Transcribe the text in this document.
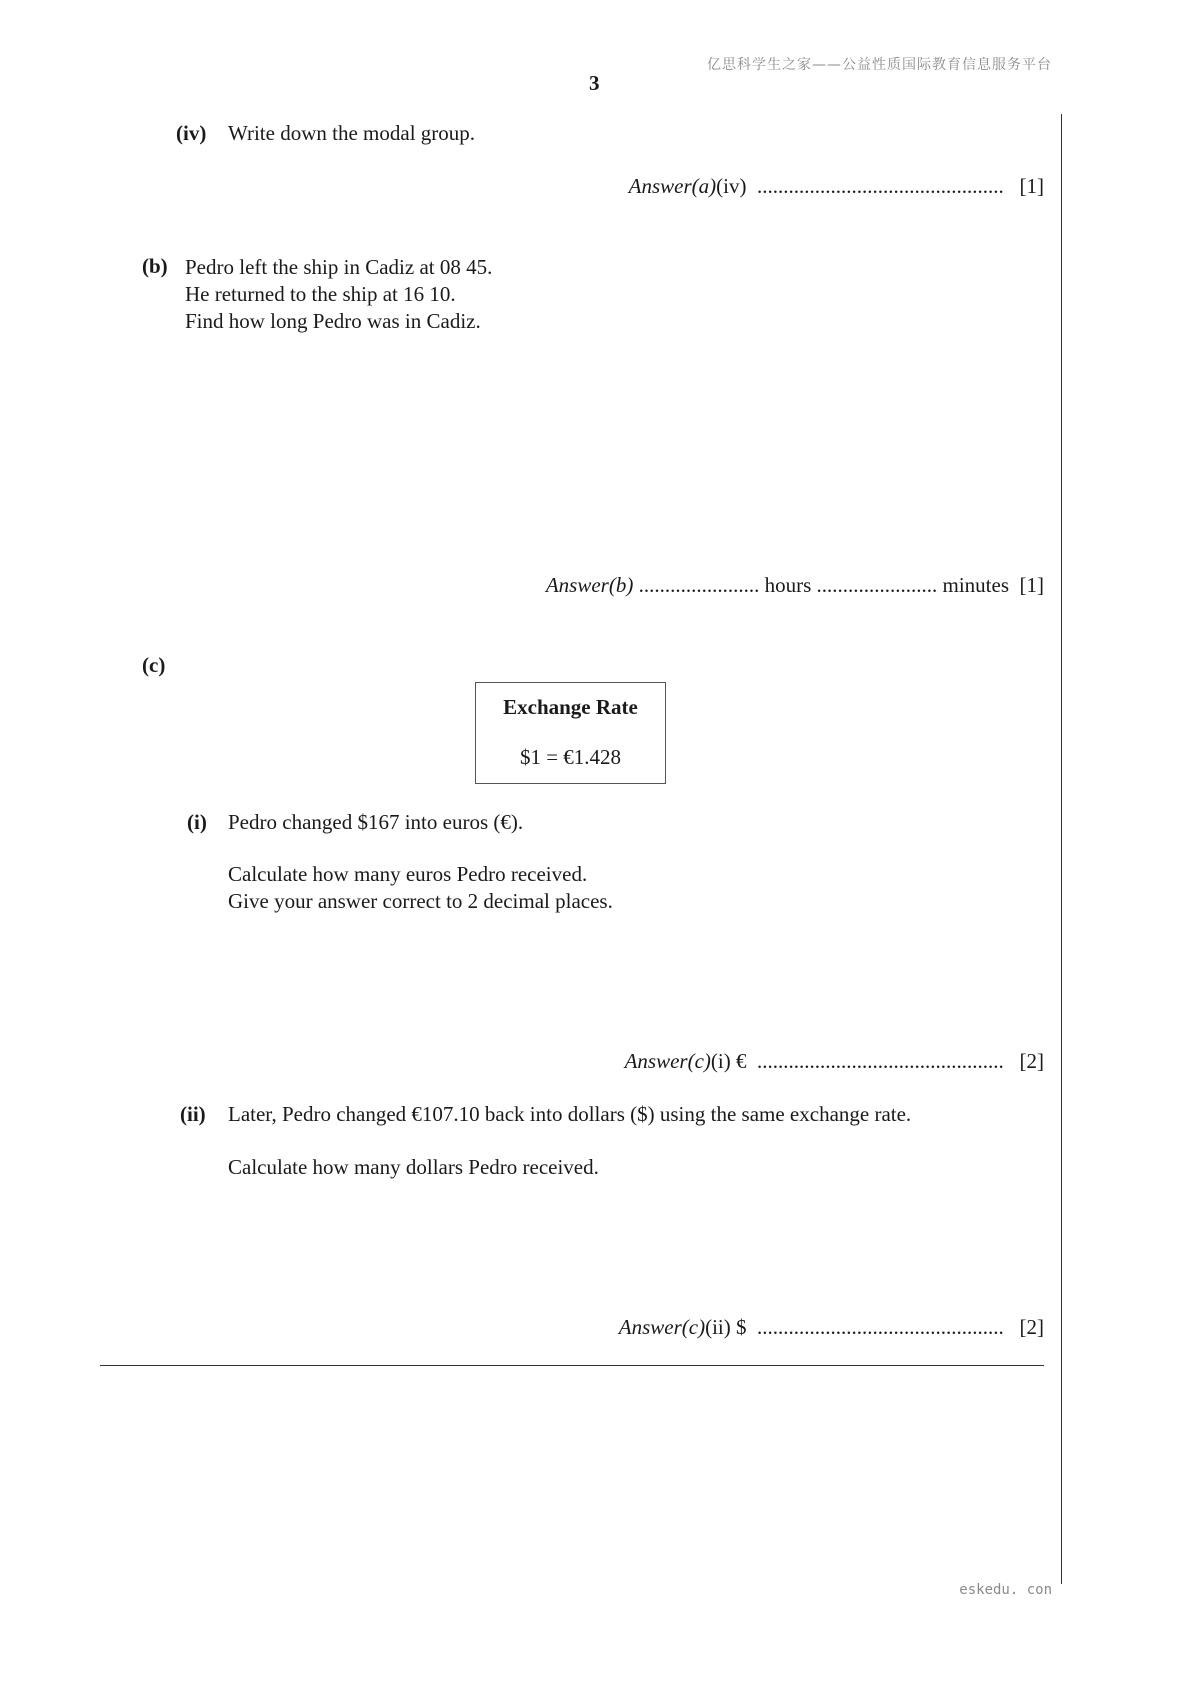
亿思科学生之家——公益性质国际教育信息服务平台
3
(iv) Write down the modal group.
Answer(a)(iv) ............................................... [1]
(b) Pedro left the ship in Cadiz at 08 45.
He returned to the ship at 16 10.
Find how long Pedro was in Cadiz.
Answer(b) ....................... hours ....................... minutes [1]
(c)
Exchange Rate
$1 = €1.428
(i) Pedro changed $167 into euros (€).
Calculate how many euros Pedro received.
Give your answer correct to 2 decimal places.
Answer(c)(i) € ............................................... [2]
(ii) Later, Pedro changed €107.10 back into dollars ($) using the same exchange rate.
Calculate how many dollars Pedro received.
Answer(c)(ii) $ ............................................... [2]
eskedu. con
